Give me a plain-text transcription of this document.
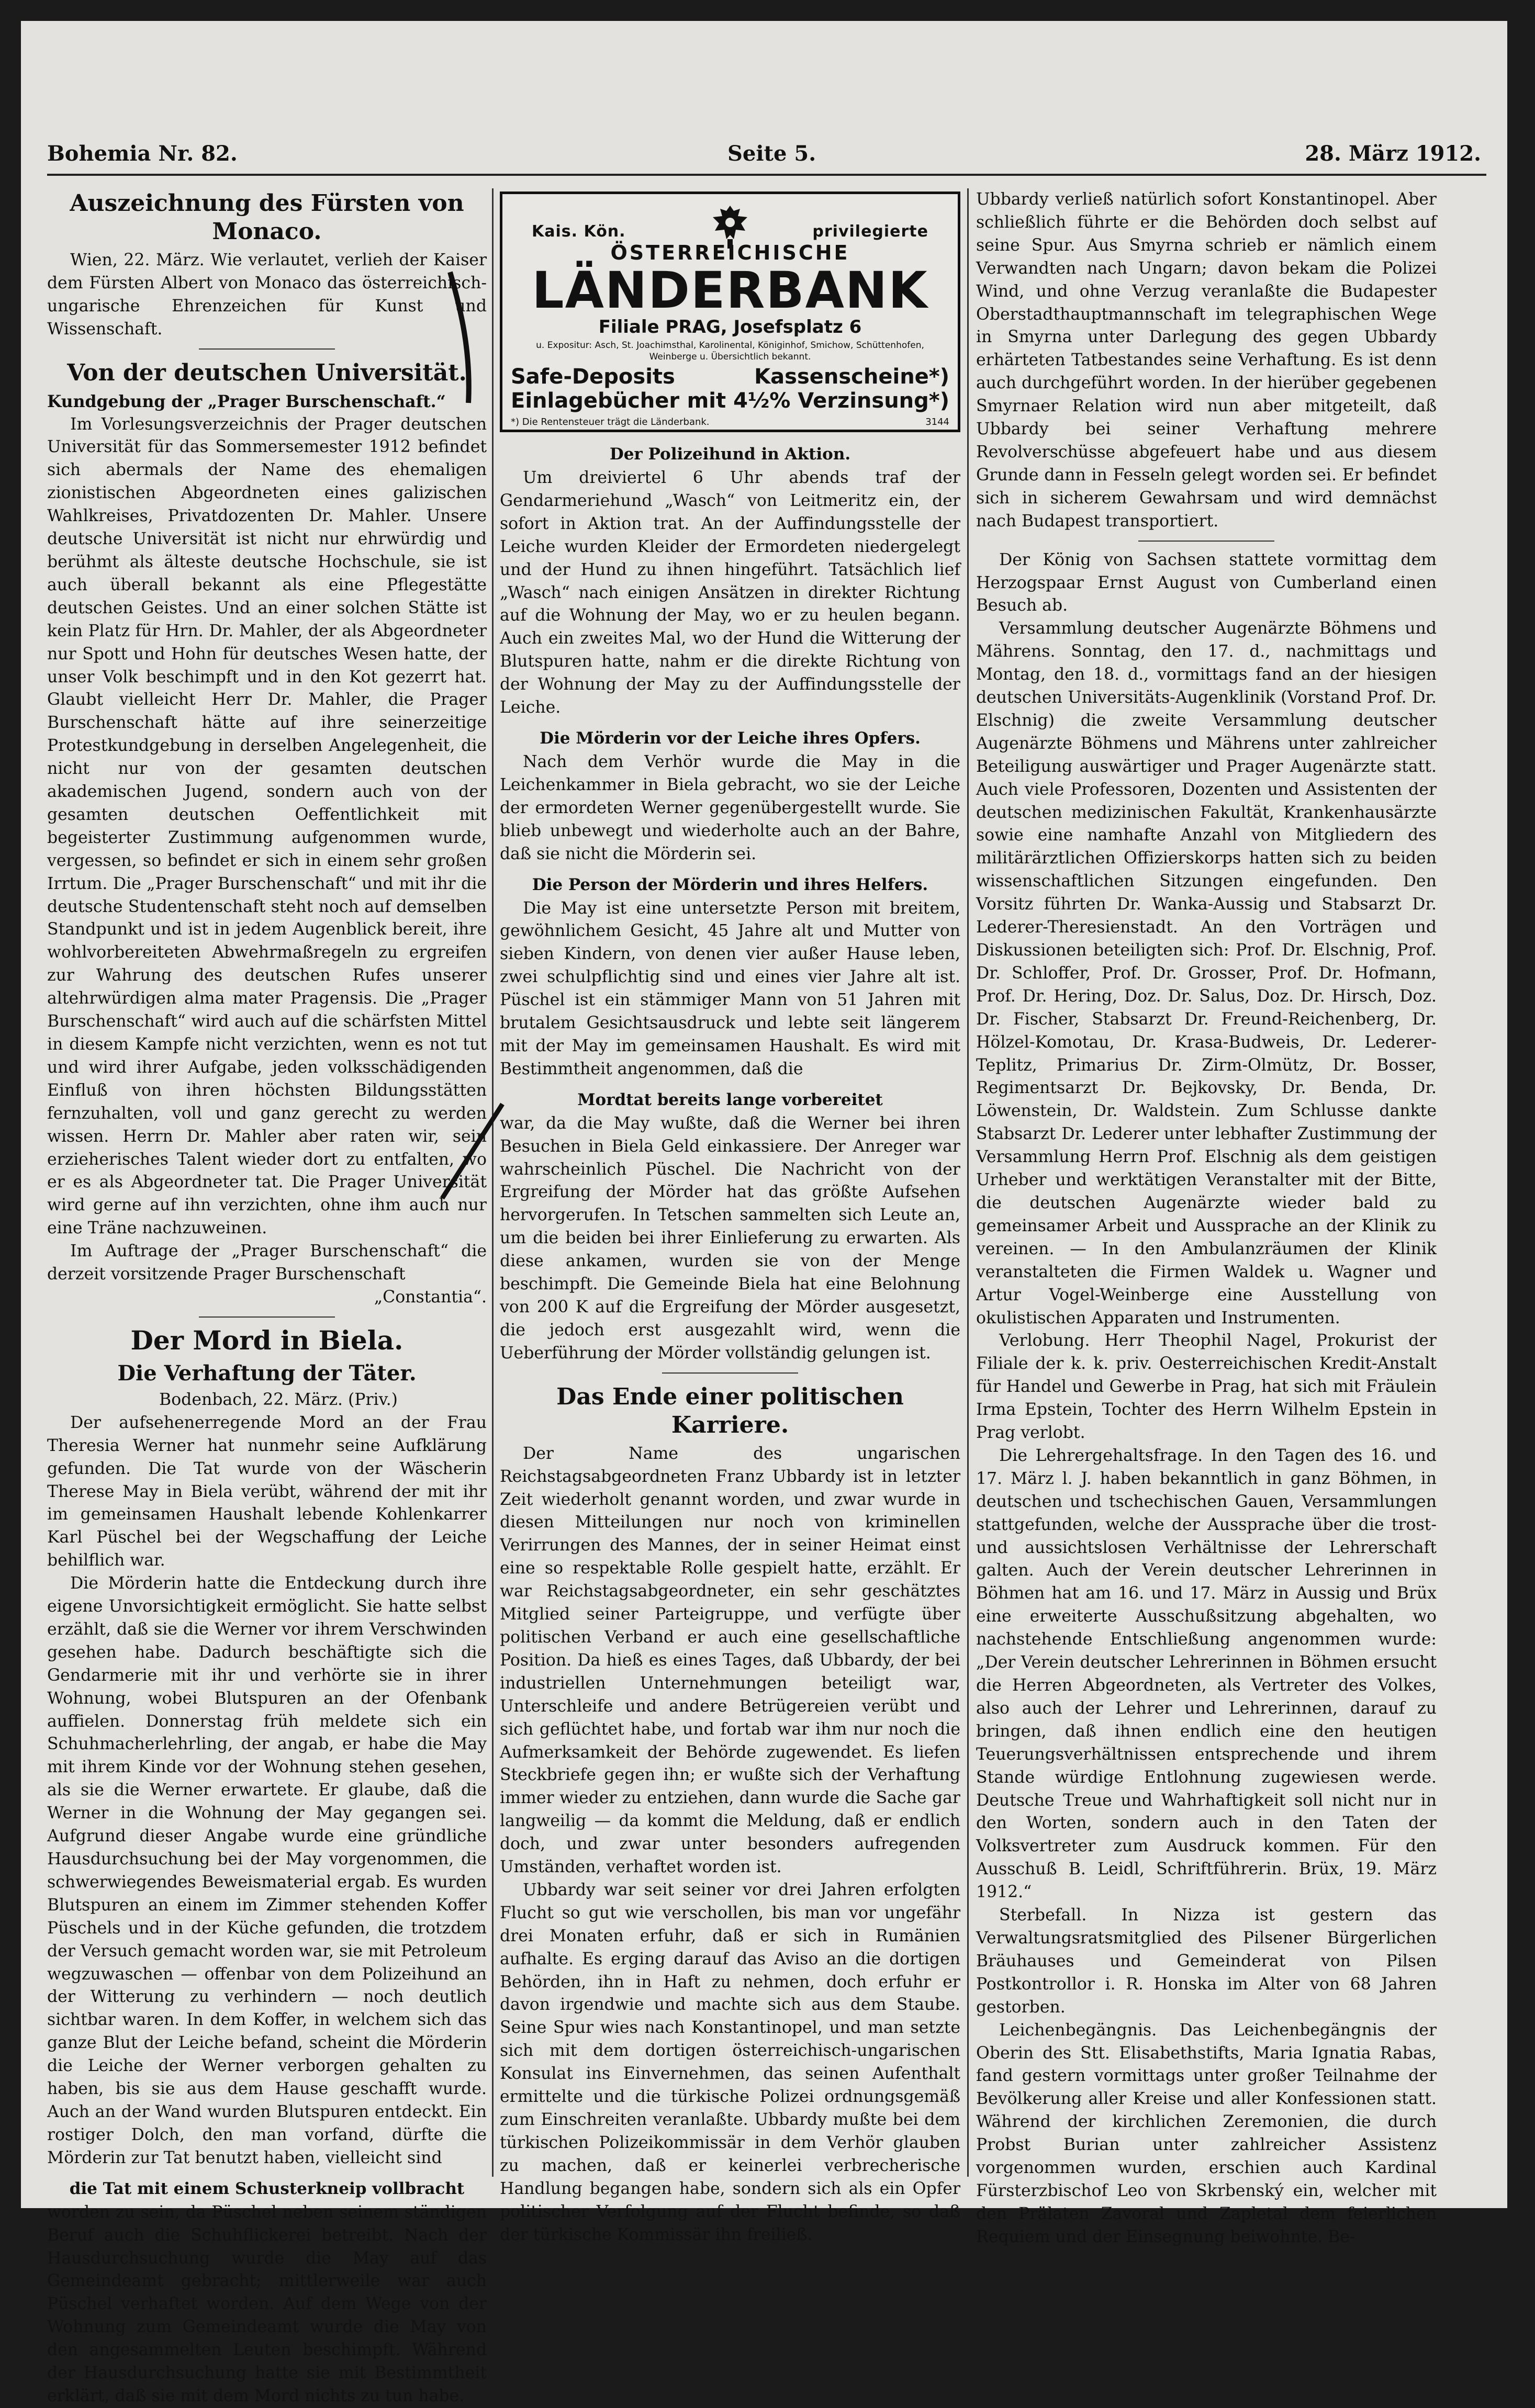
Bohemia Nr. 82.	Seite 5.	28. März 1912.
Auszeichnung des Fürsten von Monaco.

Wien, 22. März. Wie verlautet, verlieh der Kaiser dem Fürsten Albert von Monaco das österreichisch-ungarische Ehrenzeichen für Kunst und Wissenschaft.

Von der deutschen Universität.

Kundgebung der „Prager Burschenschaft.“

Im Vorlesungsverzeichnis der Prager deutschen Universität für das Sommersemester 1912 befindet sich abermals der Name des ehemaligen zionistischen Abgeordneten eines galizischen Wahlkreises, Privatdozenten Dr. Mahler. Unsere deutsche Universität ist nicht nur ehrwürdig und berühmt als älteste deutsche Hochschule, sie ist auch überall bekannt als eine Pflegestätte deutschen Geistes. Und an einer solchen Stätte ist kein Platz für Hrn. Dr. Mahler, der als Abgeordneter nur Spott und Hohn für deutsches Wesen hatte, der unser Volk beschimpft und in den Kot gezerrt hat. Glaubt vielleicht Herr Dr. Mahler, die Prager Burschenschaft hätte auf ihre seinerzeitige Protestkundgebung in derselben Angelegenheit, die nicht nur von der gesamten deutschen akademischen Jugend, sondern auch von der gesamten deutschen Oeffentlichkeit mit begeisterter Zustimmung aufgenommen wurde, vergessen, so befindet er sich in einem sehr großen Irrtum. Die „Prager Burschenschaft“ und mit ihr die deutsche Studentenschaft steht noch auf demselben Standpunkt und ist in jedem Augenblick bereit, ihre wohlvorbereiteten Abwehrmaßregeln zu ergreifen zur Wahrung des deutschen Rufes unserer altehrwürdigen alma mater Pragensis. Die „Prager Burschenschaft“ wird auch auf die schärfsten Mittel in diesem Kampfe nicht verzichten, wenn es not tut und wird ihrer Aufgabe, jeden volksschädigenden Einfluß von ihren höchsten Bildungsstätten fernzuhalten, voll und ganz gerecht zu werden wissen. Herrn Dr. Mahler aber raten wir, sein erzieherisches Talent wieder dort zu entfalten, wo er es als Abgeordneter tat. Die Prager Universität wird gerne auf ihn verzichten, ohne ihm auch nur eine Träne nachzuweinen.

Im Auftrage der „Prager Burschenschaft“ die derzeit vorsitzende Prager Burschenschaft

„Constantia“.

Der Mord in Biela.
Die Verhaftung der Täter.

Bodenbach, 22. März. (Priv.)

Der aufsehenerregende Mord an der Frau Theresia Werner hat nunmehr seine Aufklärung gefunden. Die Tat wurde von der Wäscherin Therese May in Biela verübt, während der mit ihr im gemeinsamen Haushalt lebende Kohlenkarrer Karl Püschel bei der Wegschaffung der Leiche behilflich war.

Die Mörderin hatte die Entdeckung durch ihre eigene Unvorsichtigkeit ermöglicht. Sie hatte selbst erzählt, daß sie die Werner vor ihrem Verschwinden gesehen habe. Dadurch beschäftigte sich die Gendarmerie mit ihr und verhörte sie in ihrer Wohnung, wobei Blutspuren an der Ofenbank auffielen. Donnerstag früh meldete sich ein Schuhmacherlehrling, der angab, er habe die May mit ihrem Kinde vor der Wohnung stehen gesehen, als sie die Werner erwartete. Er glaube, daß die Werner in die Wohnung der May gegangen sei. Aufgrund dieser Angabe wurde eine gründliche Hausdurchsuchung bei der May vorgenommen, die schwerwiegendes Beweismaterial ergab. Es wurden Blutspuren an einem im Zimmer stehenden Koffer Püschels und in der Küche gefunden, die trotzdem der Versuch gemacht worden war, sie mit Petroleum wegzuwaschen — offenbar von dem Polizeihund an der Witterung zu verhindern — noch deutlich sichtbar waren. In dem Koffer, in welchem sich das ganze Blut der Leiche befand, scheint die Mörderin die Leiche der Werner verborgen gehalten zu haben, bis sie aus dem Hause geschafft wurde. Auch an der Wand wurden Blutspuren entdeckt. Ein rostiger Dolch, den man vorfand, dürfte die Mörderin zur Tat benutzt haben, vielleicht sind

die Tat mit einem Schusterkneip vollbracht

worden zu sein, da Püschel neben seinem ständigen Beruf auch die Schuhflickerei betreibt. Nach der Hausdurchsuchung wurde die May auf das Gemeindeamt gebracht; mittlerweile war auch Püschel verhaftet worden. Auf dem Wege von der Wohnung zum Gemeindeamt wurde die May von den angesammelten Leuten beschimpft. Während der Hausdurchsuchung hatte sie mit Bestimmtheit erklärt, daß sie mit dem Mord nichts zu tun habe.

Kais. Kön.	privilegierte
ÖSTERREICHISCHE
LÄNDERBANK
Filiale PRAG, Josefsplatz 6
u. Expositur: Asch, St. Joachimsthal, Karolinental, Königinhof, Smichow, Schüttenhofen, Weinberge u. Übersichtlich bekannt.
Safe-Deposits	Kassenscheine*)
Einlagebücher mit 4½% Verzinsung*)
*) Die Rentensteuer trägt die Länderbank.	3144
Der Polizeihund in Aktion.

Um dreiviertel 6 Uhr abends traf der Gendarmeriehund „Wasch“ von Leitmeritz ein, der sofort in Aktion trat. An der Auffindungsstelle der Leiche wurden Kleider der Ermordeten niedergelegt und der Hund zu ihnen hingeführt. Tatsächlich lief „Wasch“ nach einigen Ansätzen in direkter Richtung auf die Wohnung der May, wo er zu heulen begann. Auch ein zweites Mal, wo der Hund die Witterung der Blutspuren hatte, nahm er die direkte Richtung von der Wohnung der May zu der Auffindungsstelle der Leiche.

Die Mörderin vor der Leiche ihres Opfers.

Nach dem Verhör wurde die May in die Leichenkammer in Biela gebracht, wo sie der Leiche der ermordeten Werner gegenübergestellt wurde. Sie blieb unbewegt und wiederholte auch an der Bahre, daß sie nicht die Mörderin sei.

Die Person der Mörderin und ihres Helfers.

Die May ist eine untersetzte Person mit breitem, gewöhnlichem Gesicht, 45 Jahre alt und Mutter von sieben Kindern, von denen vier außer Hause leben, zwei schulpflichtig sind und eines vier Jahre alt ist. Püschel ist ein stämmiger Mann von 51 Jahren mit brutalem Gesichtsausdruck und lebte seit längerem mit der May im gemeinsamen Haushalt. Es wird mit Bestimmtheit angenommen, daß die

Mordtat bereits lange vorbereitet

war, da die May wußte, daß die Werner bei ihren Besuchen in Biela Geld einkassiere. Der Anreger war wahrscheinlich Püschel. Die Nachricht von der Ergreifung der Mörder hat das größte Aufsehen hervorgerufen. In Tetschen sammelten sich Leute an, um die beiden bei ihrer Einlieferung zu erwarten. Als diese ankamen, wurden sie von der Menge beschimpft. Die Gemeinde Biela hat eine Belohnung von 200 K auf die Ergreifung der Mörder ausgesetzt, die jedoch erst ausgezahlt wird, wenn die Ueberführung der Mörder vollständig gelungen ist.

Das Ende einer politischen Karriere.

Der Name des ungarischen Reichstagsabgeordneten Franz Ubbardy ist in letzter Zeit wiederholt genannt worden, und zwar wurde in diesen Mitteilungen nur noch von kriminellen Verirrungen des Mannes, der in seiner Heimat einst eine so respektable Rolle gespielt hatte, erzählt. Er war Reichstagsabgeordneter, ein sehr geschätztes Mitglied seiner Parteigruppe, und verfügte über politischen Verband er auch eine gesellschaftliche Position. Da hieß es eines Tages, daß Ubbardy, der bei industriellen Unternehmungen beteiligt war, Unterschleife und andere Betrügereien verübt und sich geflüchtet habe, und fortab war ihm nur noch die Aufmerksamkeit der Behörde zugewendet. Es liefen Steckbriefe gegen ihn; er wußte sich der Verhaftung immer wieder zu entziehen, dann wurde die Sache gar langweilig — da kommt die Meldung, daß er endlich doch, und zwar unter besonders aufregenden Umständen, verhaftet worden ist.

Ubbardy war seit seiner vor drei Jahren erfolgten Flucht so gut wie verschollen, bis man vor ungefähr drei Monaten erfuhr, daß er sich in Rumänien aufhalte. Es erging darauf das Aviso an die dortigen Behörden, ihn in Haft zu nehmen, doch erfuhr er davon irgendwie und machte sich aus dem Staube. Seine Spur wies nach Konstantinopel, und man setzte sich mit dem dortigen österreichisch-ungarischen Konsulat ins Einvernehmen, das seinen Aufenthalt ermittelte und die türkische Polizei ordnungsgemäß zum Einschreiten veranlaßte. Ubbardy mußte bei dem türkischen Polizeikommissär in dem Verhör glauben zu machen, daß er keinerlei verbrecherische Handlung begangen habe, sondern sich als ein Opfer politischer Verfolgung auf der Flucht befinde, so daß der türkische Kommissär ihn freiließ.

Ubbardy verließ natürlich sofort Konstantinopel. Aber schließlich führte er die Behörden doch selbst auf seine Spur. Aus Smyrna schrieb er nämlich einem Verwandten nach Ungarn; davon bekam die Polizei Wind, und ohne Verzug veranlaßte die Budapester Oberstadthauptmannschaft im telegraphischen Wege in Smyrna unter Darlegung des gegen Ubbardy erhärteten Tatbestandes seine Verhaftung. Es ist denn auch durchgeführt worden. In der hierüber gegebenen Smyrnaer Relation wird nun aber mitgeteilt, daß Ubbardy bei seiner Verhaftung mehrere Revolverschüsse abgefeuert habe und aus diesem Grunde dann in Fesseln gelegt worden sei. Er befindet sich in sicherem Gewahrsam und wird demnächst nach Budapest transportiert.

Der König von Sachsen stattete vormittag dem Herzogspaar Ernst August von Cumberland einen Besuch ab.

Versammlung deutscher Augenärzte Böhmens und Mährens. Sonntag, den 17. d., nachmittags und Montag, den 18. d., vormittags fand an der hiesigen deutschen Universitäts-Augenklinik (Vorstand Prof. Dr. Elschnig) die zweite Versammlung deutscher Augenärzte Böhmens und Mährens unter zahlreicher Beteiligung auswärtiger und Prager Augenärzte statt. Auch viele Professoren, Dozenten und Assistenten der deutschen medizinischen Fakultät, Krankenhausärzte sowie eine namhafte Anzahl von Mitgliedern des militärärztlichen Offizierskorps hatten sich zu beiden wissenschaftlichen Sitzungen eingefunden. Den Vorsitz führten Dr. Wanka-Aussig und Stabsarzt Dr. Lederer-Theresienstadt. An den Vorträgen und Diskussionen beteiligten sich: Prof. Dr. Elschnig, Prof. Dr. Schloffer, Prof. Dr. Grosser, Prof. Dr. Hofmann, Prof. Dr. Hering, Doz. Dr. Salus, Doz. Dr. Hirsch, Doz. Dr. Fischer, Stabsarzt Dr. Freund-Reichenberg, Dr. Hölzel-Komotau, Dr. Krasa-Budweis, Dr. Lederer-Teplitz, Primarius Dr. Zirm-Olmütz, Dr. Bosser, Regimentsarzt Dr. Bejkovsky, Dr. Benda, Dr. Löwenstein, Dr. Waldstein. Zum Schlusse dankte Stabsarzt Dr. Lederer unter lebhafter Zustimmung der Versammlung Herrn Prof. Elschnig als dem geistigen Urheber und werktätigen Veranstalter mit der Bitte, die deutschen Augenärzte wieder bald zu gemeinsamer Arbeit und Aussprache an der Klinik zu vereinen. — In den Ambulanzräumen der Klinik veranstalteten die Firmen Waldek u. Wagner und Artur Vogel-Weinberge eine Ausstellung von okulistischen Apparaten und Instrumenten.

Verlobung. Herr Theophil Nagel, Prokurist der Filiale der k. k. priv. Oesterreichischen Kredit-Anstalt für Handel und Gewerbe in Prag, hat sich mit Fräulein Irma Epstein, Tochter des Herrn Wilhelm Epstein in Prag verlobt.

Die Lehrergehaltsfrage. In den Tagen des 16. und 17. März l. J. haben bekanntlich in ganz Böhmen, in deutschen und tschechischen Gauen, Versammlungen stattgefunden, welche der Aussprache über die trost- und aussichtslosen Verhältnisse der Lehrerschaft galten. Auch der Verein deutscher Lehrerinnen in Böhmen hat am 16. und 17. März in Aussig und Brüx eine erweiterte Ausschußsitzung abgehalten, wo nachstehende Entschließung angenommen wurde: „Der Verein deutscher Lehrerinnen in Böhmen ersucht die Herren Abgeordneten, als Vertreter des Volkes, also auch der Lehrer und Lehrerinnen, darauf zu bringen, daß ihnen endlich eine den heutigen Teuerungsverhältnissen entsprechende und ihrem Stande würdige Entlohnung zugewiesen werde. Deutsche Treue und Wahrhaftigkeit soll nicht nur in den Worten, sondern auch in den Taten der Volksvertreter zum Ausdruck kommen. Für den Ausschuß B. Leidl, Schriftführerin. Brüx, 19. März 1912.“

Sterbefall. In Nizza ist gestern das Verwaltungsratsmitglied des Pilsener Bürgerlichen Bräuhauses und Gemeinderat von Pilsen Postkontrollor i. R. Honska im Alter von 68 Jahren gestorben.

Leichenbegängnis. Das Leichenbegängnis der Oberin des Stt. Elisabethstifts, Maria Ignatia Rabas, fand gestern vormittags unter großer Teilnahme der Bevölkerung aller Kreise und aller Konfessionen statt. Während der kirchlichen Zeremonien, die durch Probst Burian unter zahlreicher Assistenz vorgenommen wurden, erschien auch Kardinal Fürsterzbischof Leo von Skrbenský ein, welcher mit den Prälaten Zavoral und Zapletal dem feierlichen Requiem und der Einsegnung beiwohnte. Be-
